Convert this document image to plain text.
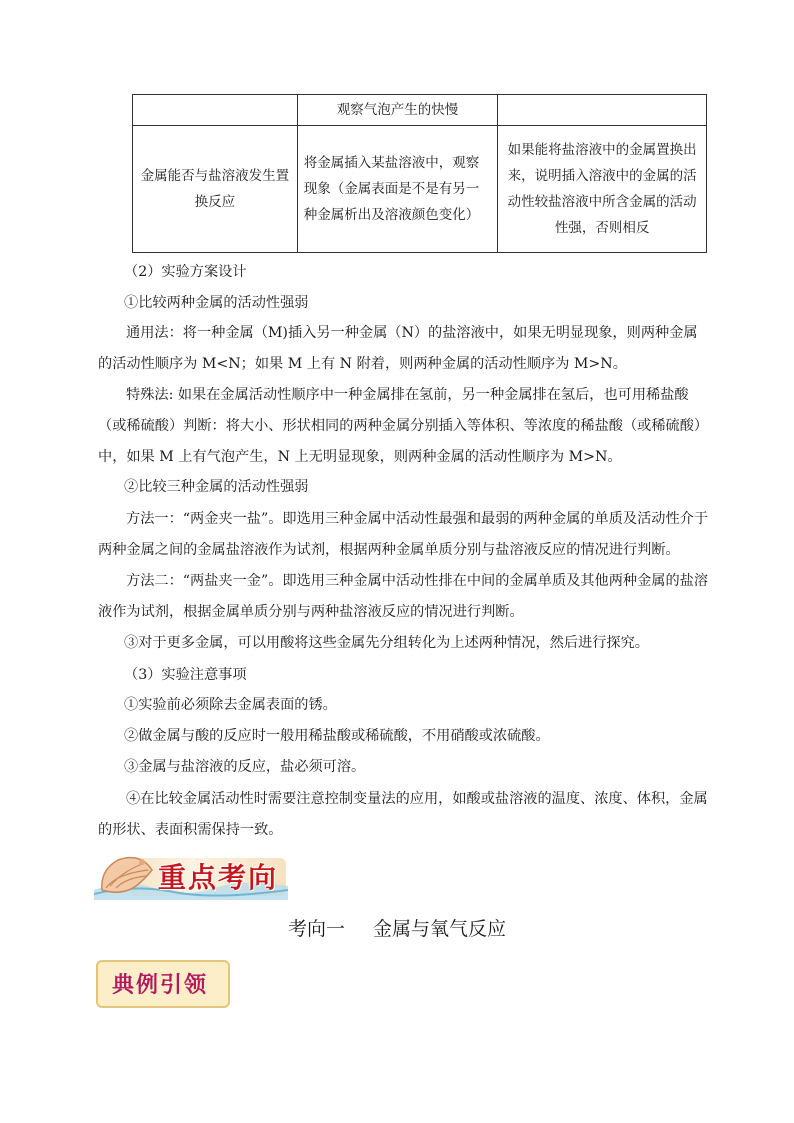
	观察气泡产生的快慢	
金属能否与盐溶液发生置换反应	将金属插入某盐溶液中，观察现象（金属表面是不是有另一种金属析出及溶液颜色变化）	如果能将盐溶液中的金属置换出来，说明插入溶液中的金属的活动性较盐溶液中所含金属的活动性强，否则相反
（2）实验方案设计
①比较两种金属的活动性强弱
通用法：将一种金属（M)插入另一种金属（N）的盐溶液中，如果无明显现象，则两种金属的活动性顺序为 M<N；如果 M 上有 N 附着，则两种金属的活动性顺序为 M>N。
特殊法: 如果在金属活动性顺序中一种金属排在氢前，另一种金属排在氢后，也可用稀盐酸（或稀硫酸）判断：将大小、形状相同的两种金属分别插入等体积、等浓度的稀盐酸（或稀硫酸）中，如果 M 上有气泡产生，N 上无明显现象，则两种金属的活动性顺序为 M>N。
②比较三种金属的活动性强弱
方法一：“两金夹一盐”。即选用三种金属中活动性最强和最弱的两种金属的单质及活动性介于两种金属之间的金属盐溶液作为试剂，根据两种金属单质分别与盐溶液反应的情况进行判断。
方法二：“两盐夹一金”。即选用三种金属中活动性排在中间的金属单质及其他两种金属的盐溶液作为试剂，根据金属单质分别与两种盐溶液反应的情况进行判断。
③对于更多金属，可以用酸将这些金属先分组转化为上述两种情况，然后进行探究。
（3）实验注意事项
①实验前必须除去金属表面的锈。
②做金属与酸的反应时一般用稀盐酸或稀硫酸，不用硝酸或浓硫酸。
③金属与盐溶液的反应，盐必须可溶。
④在比较金属活动性时需要注意控制变量法的应用，如酸或盐溶液的温度、浓度、体积，金属的形状、表面积需保持一致。
重点考向
考向一 金属与氧气反应
典例引领
